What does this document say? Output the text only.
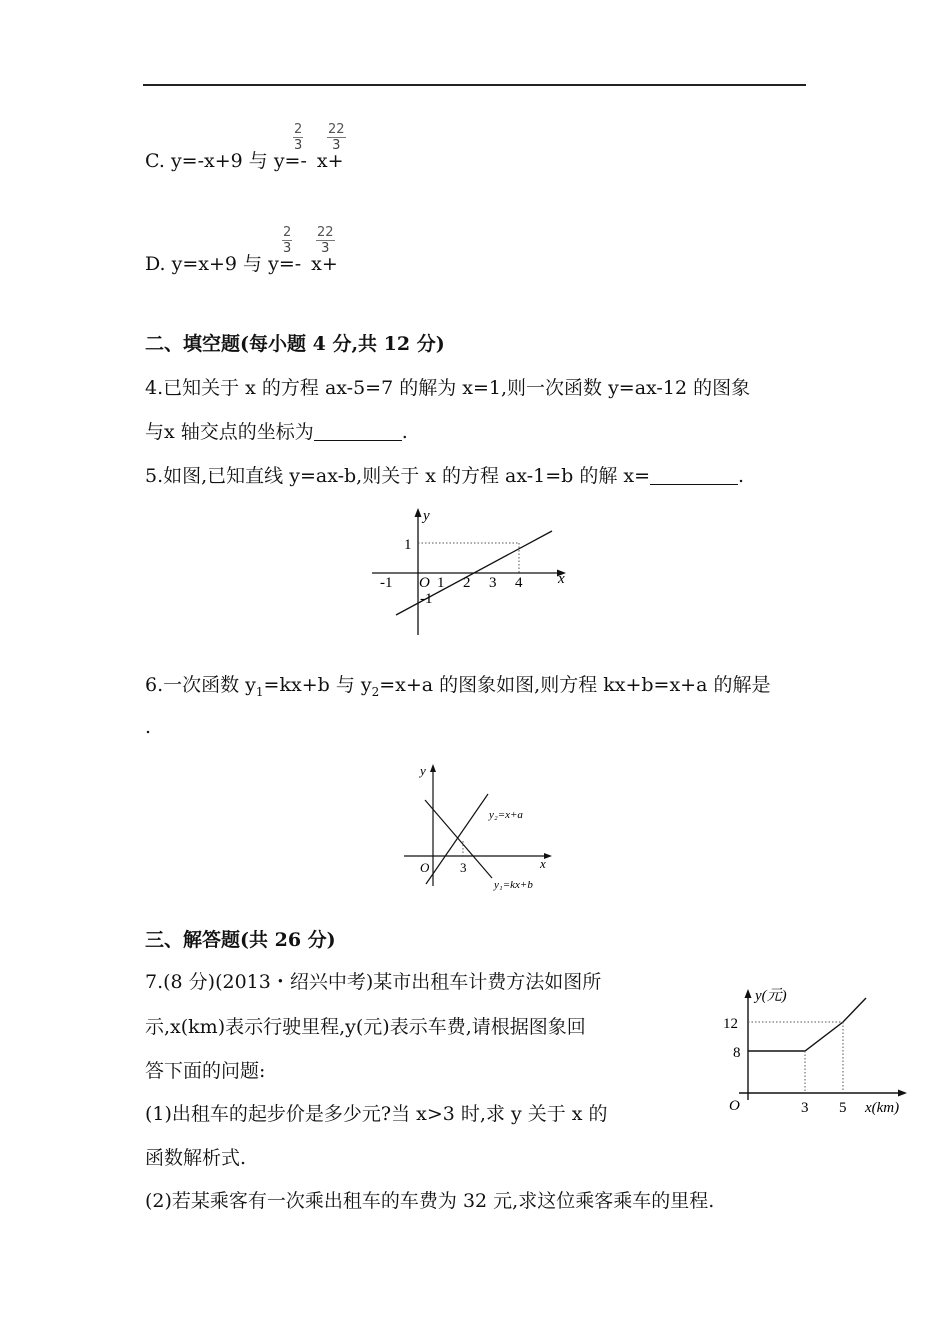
C. y=-x+9 与 y=- x+
$\frac{2}{3} \frac{22}{3}$
D. y=x+9 与 y=- x+
$\frac{2}{3} \frac{22}{3}$
二、填空题(每小题 4 分,共 12 分)
4.已知关于 x 的方程 ax-5=7 的解为 x=1,则一次函数 y=ax-12 的图象
与x 轴交点的坐标为	.
5.如图,已知直线 y=ax-b,则关于 x 的方程 ax-1=b 的解 x=	.
y
x
1
O
-1	1 2 3 4
-1
6.一次函数 $y_1=kx+b$ 与 $y_2=x+a$ 的图象如图,则方程 kx+b=x+a 的解是
.
y
x
O 3
y₂=x+a
y₁=kx+b
三、解答题(共 26 分)
7.(8 分)(2013・绍兴中考)某市出租车计费方法如图所
示,x(km)表示行驶里程,y(元)表示车费,请根据图象回
答下面的问题:
(1)出租车的起步价是多少元?当 x>3 时,求 y 关于 x 的
函数解析式.
(2)若某乘客有一次乘出租车的车费为 32 元,求这位乘客乘车的里程.
y(元)
12
8
O	3 5 x(km)
